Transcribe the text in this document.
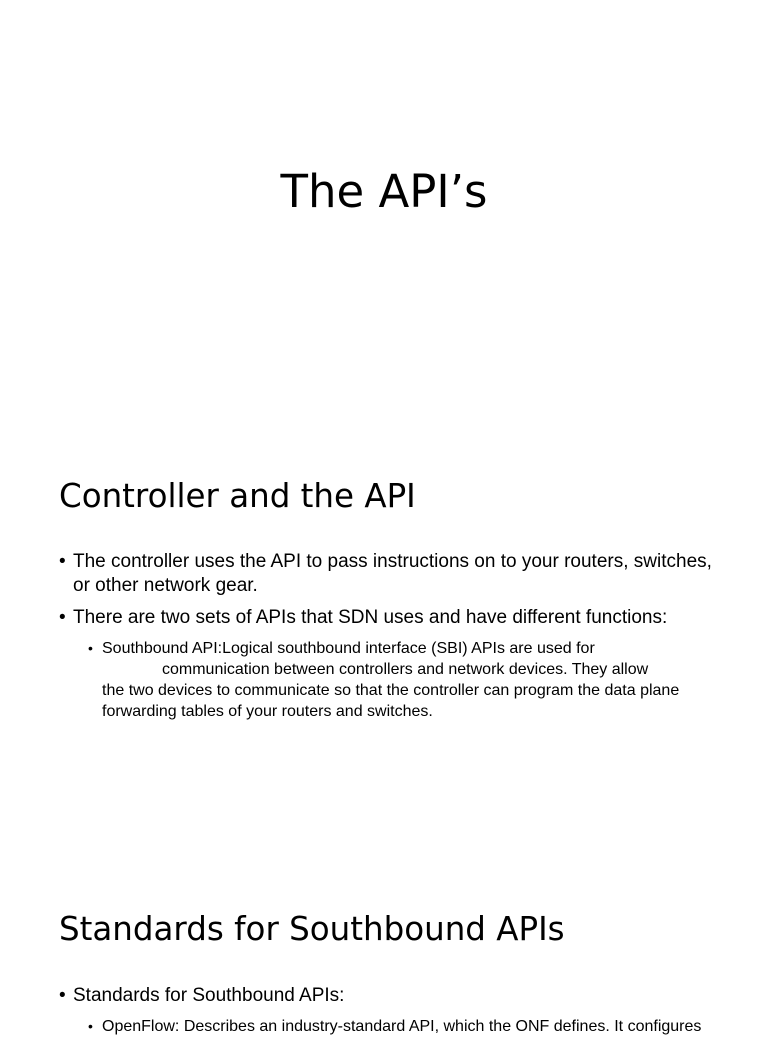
The API’s
Controller and the API

• The controller uses the API to pass instructions on to your routers, switches, or other network gear.

• There are two sets of APIs that SDN uses and have different functions:

• Southbound API:Logical southbound interface (SBI) APIs are used for
communication between controllers and network devices. They allow
the two devices to communicate so that the controller can program the data plane forwarding tables of your routers and switches.
Standards for Southbound APIs

• Standards for Southbound APIs:

• OpenFlow: Describes an industry-standard API, which the ONF defines. It configures
